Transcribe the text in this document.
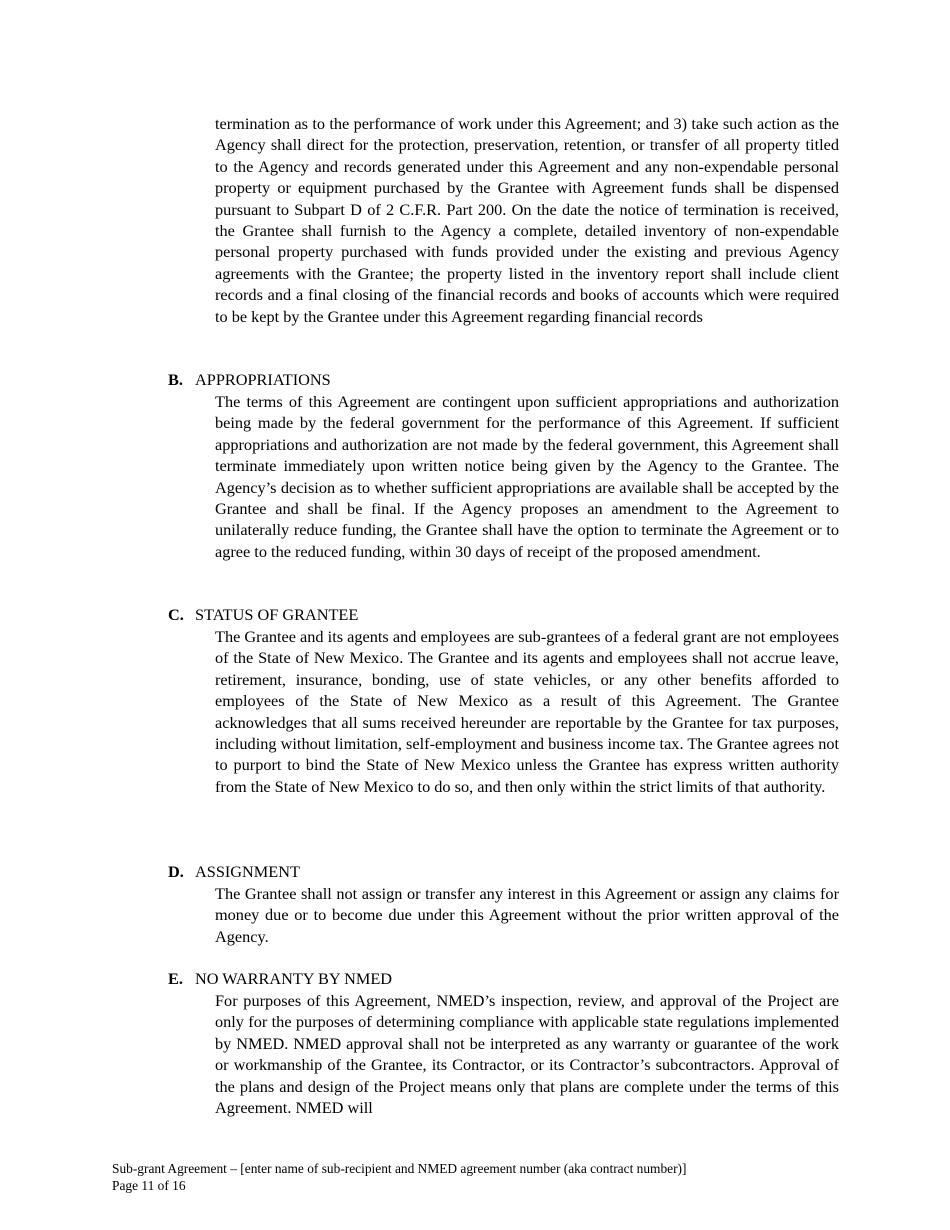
termination as to the performance of work under this Agreement; and 3) take such action as the Agency shall direct for the protection, preservation, retention, or transfer of all property titled to the Agency and records generated under this Agreement and any non-expendable personal property or equipment purchased by the Grantee with Agreement funds shall be dispensed pursuant to Subpart D of 2 C.F.R. Part 200. On the date the notice of termination is received, the Grantee shall furnish to the Agency a complete, detailed inventory of non-expendable personal property purchased with funds provided under the existing and previous Agency agreements with the Grantee; the property listed in the inventory report shall include client records and a final closing of the financial records and books of accounts which were required to be kept by the Grantee under this Agreement regarding financial records

B. APPROPRIATIONS

The terms of this Agreement are contingent upon sufficient appropriations and authorization being made by the federal government for the performance of this Agreement. If sufficient appropriations and authorization are not made by the federal government, this Agreement shall terminate immediately upon written notice being given by the Agency to the Grantee. The Agency’s decision as to whether sufficient appropriations are available shall be accepted by the Grantee and shall be final. If the Agency proposes an amendment to the Agreement to unilaterally reduce funding, the Grantee shall have the option to terminate the Agreement or to agree to the reduced funding, within 30 days of receipt of the proposed amendment.

C. STATUS OF GRANTEE

The Grantee and its agents and employees are sub-grantees of a federal grant are not employees of the State of New Mexico. The Grantee and its agents and employees shall not accrue leave, retirement, insurance, bonding, use of state vehicles, or any other benefits afforded to employees of the State of New Mexico as a result of this Agreement. The Grantee acknowledges that all sums received hereunder are reportable by the Grantee for tax purposes, including without limitation, self-employment and business income tax. The Grantee agrees not to purport to bind the State of New Mexico unless the Grantee has express written authority from the State of New Mexico to do so, and then only within the strict limits of that authority.

D. ASSIGNMENT

The Grantee shall not assign or transfer any interest in this Agreement or assign any claims for money due or to become due under this Agreement without the prior written approval of the Agency.

E. NO WARRANTY BY NMED

For purposes of this Agreement, NMED’s inspection, review, and approval of the Project are only for the purposes of determining compliance with applicable state regulations implemented by NMED. NMED approval shall not be interpreted as any warranty or guarantee of the work or workmanship of the Grantee, its Contractor, or its Contractor’s subcontractors. Approval of the plans and design of the Project means only that plans are complete under the terms of this Agreement. NMED will

Sub-grant Agreement – [enter name of sub-recipient and NMED agreement number (aka contract number)]
Page 11 of 16
